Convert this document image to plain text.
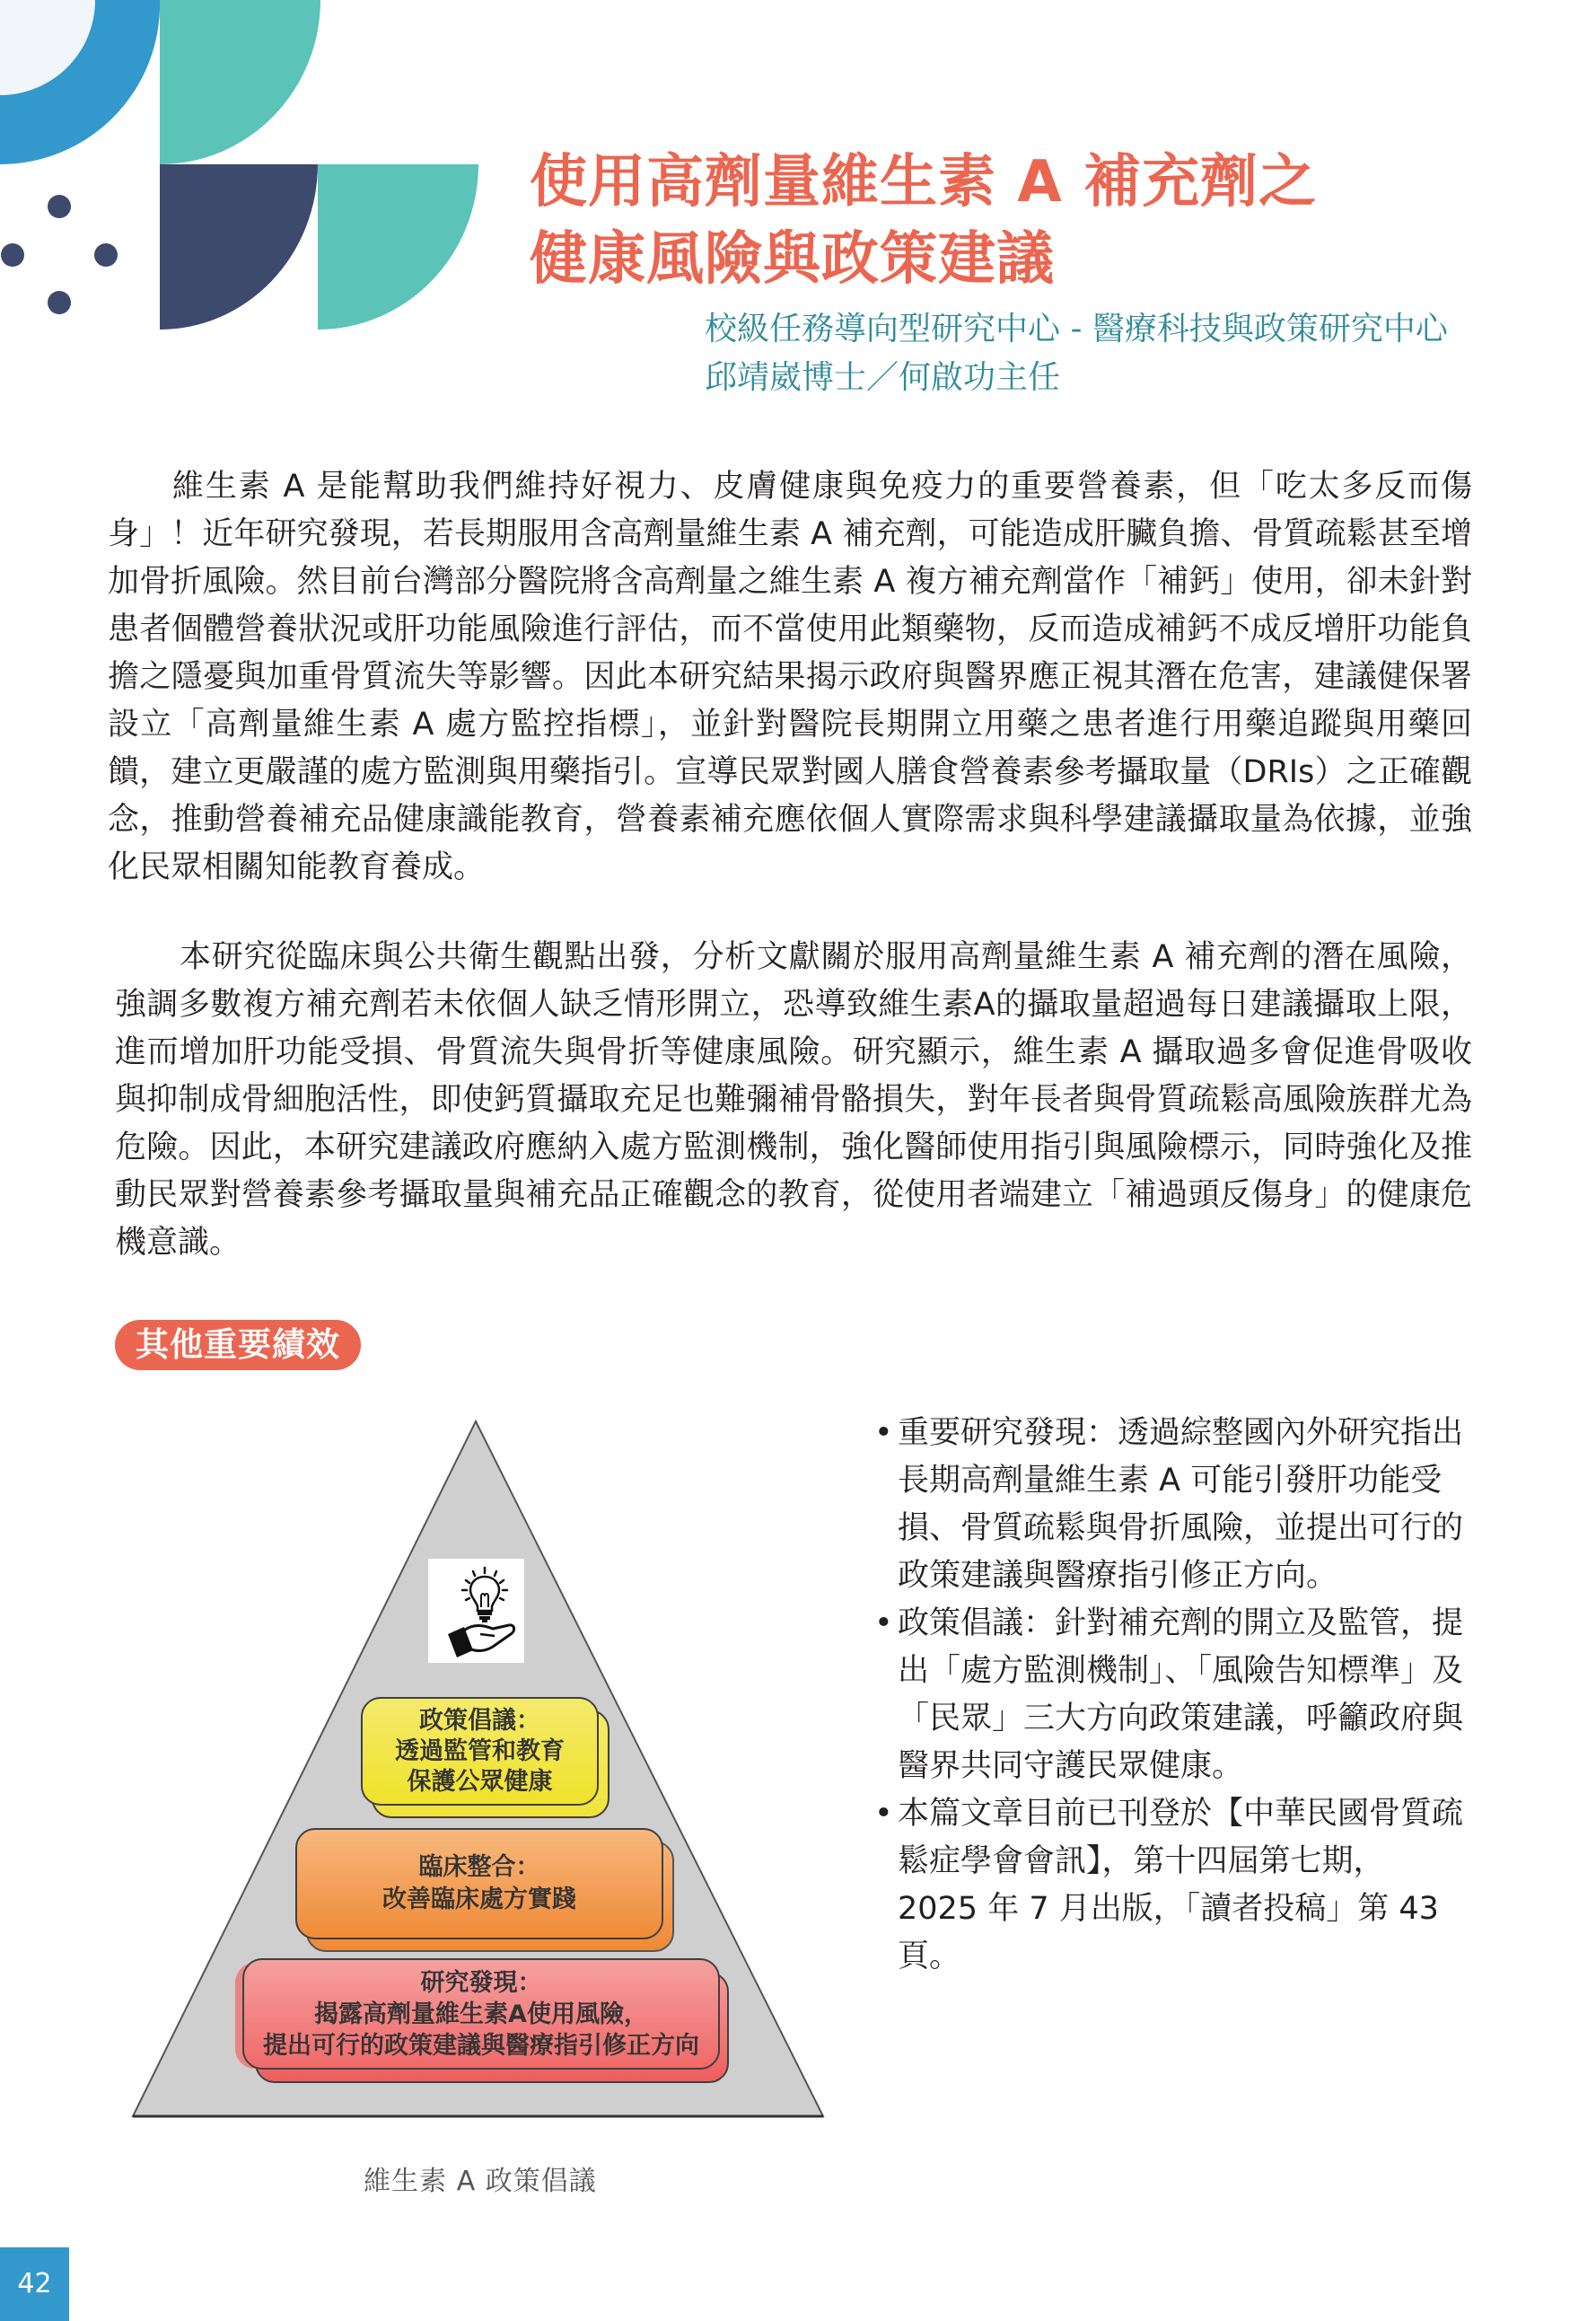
使用高劑量維生素 A 補充劑之
健康風險與政策建議
校級任務導向型研究中心 - 醫療科技與政策研究中心
邱靖崴博士／何啟功主任

維生素 A 是能幫助我們維持好視力、皮膚健康與免疫力的重要營養素，但「吃太多反而傷身」！近年研究發現，若長期服用含高劑量維生素 A 補充劑，可能造成肝臟負擔、骨質疏鬆甚至增加骨折風險。然目前台灣部分醫院將含高劑量之維生素 A 複方補充劑當作「補鈣」使用，卻未針對患者個體營養狀況或肝功能風險進行評估，而不當使用此類藥物，反而造成補鈣不成反增肝功能負擔之隱憂與加重骨質流失等影響。因此本研究結果揭示政府與醫界應正視其潛在危害，建議健保署設立「高劑量維生素 A 處方監控指標」，並針對醫院長期開立用藥之患者進行用藥追蹤與用藥回饋，建立更嚴謹的處方監測與用藥指引。宣導民眾對國人膳食營養素參考攝取量（DRIs）之正確觀念，推動營養補充品健康識能教育，營養素補充應依個人實際需求與科學建議攝取量為依據，並強化民眾相關知能教育養成。

本研究從臨床與公共衛生觀點出發，分析文獻關於服用高劑量維生素 A 補充劑的潛在風險，強調多數複方補充劑若未依個人缺乏情形開立，恐導致維生素A的攝取量超過每日建議攝取上限，進而增加肝功能受損、骨質流失與骨折等健康風險。研究顯示，維生素 A 攝取過多會促進骨吸收與抑制成骨細胞活性，即使鈣質攝取充足也難彌補骨骼損失，對年長者與骨質疏鬆高風險族群尤為危險。因此，本研究建議政府應納入處方監測機制，強化醫師使用指引與風險標示，同時強化及推動民眾對營養素參考攝取量與補充品正確觀念的教育，從使用者端建立「補過頭反傷身」的健康危機意識。

其他重要績效
政策倡議：
透過監管和教育
保護公眾健康
臨床整合：
改善臨床處方實踐
研究發現：
揭露高劑量維生素A使用風險，
提出可行的政策建議與醫療指引修正方向
維生素 A 政策倡議
• 重要研究發現：透過綜整國內外研究指出長期高劑量維生素 A 可能引發肝功能受損、骨質疏鬆與骨折風險，並提出可行的政策建議與醫療指引修正方向。
• 政策倡議：針對補充劑的開立及監管，提出「處方監測機制」、「風險告知標準」及「民眾」三大方向政策建議，呼籲政府與醫界共同守護民眾健康。
• 本篇文章目前已刊登於【中華民國骨質疏鬆症學會會訊】，第十四屆第七期，2025 年 7 月出版，「讀者投稿」第 43 頁。
42
